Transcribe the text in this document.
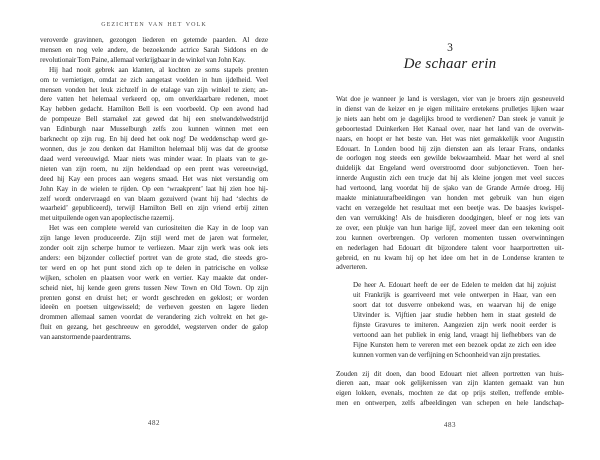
GEZICHTEN VAN HET VOLK
veroverde gravinnen, gezongen liederen en getemde paarden. Al deze
mensen en nog vele andere, de bezoekende actrice Sarah Siddons en de
revolutionair Tom Paine, allemaal verkrijgbaar in de winkel van John Kay.
Hij had nooit gebrek aan klanten, al kochten ze soms stapels prenten
om te vernietigen, omdat ze zich aangetast voelden in hun ijdelheid. Veel
mensen vonden het leuk zichzelf in de etalage van zijn winkel te zien; an-
dere vatten het helemaal verkeerd op, om onverklaarbare redenen, moet
Kay hebben gedacht. Hamilton Bell is een voorbeeld. Op een avond had
de pompeuze Bell starnakel zat gewed dat hij een snelwandelwedstrijd
van Edinburgh naar Musselburgh zelfs zou kunnen winnen met een
barknecht op zijn rug. En hij deed het ook nog! De weddenschap werd ge-
wonnen, dus je zou denken dat Hamilton helemaal blij was dat de grootse
daad werd vereeuwigd. Maar niets was minder waar. In plaats van te ge-
nieten van zijn roem, nu zijn heldendaad op een prent was vereeuwigd,
deed hij Kay een proces aan wegens smaad. Het was niet verstandig om
John Kay in de wielen te rijden. Op een ‘wraakprent’ laat hij zien hoe hij-
zelf wordt ondervraagd en van blaam gezuiverd (want hij had ‘slechts de
waarheid’ gepubliceerd), terwijl Hamilton Bell en zijn vriend erbij zitten
met uitpuilende ogen van apoplectische razernij.
Het was een complete wereld van curiositeiten die Kay in de loop van
zijn lange leven produceerde. Zijn stijl werd met de jaren wat formeler,
zonder ooit zijn scherpe humor te verliezen. Maar zijn werk was ook iets
anders: een bijzonder collectief portret van de grote stad, die steeds gro-
ter werd en op het punt stond zich op te delen in patricische en volkse
wijken, scholen en plaatsen voor werk en vertier. Kay maakte dat onder-
scheid niet, hij kende geen grens tussen New Town en Old Town. Op zijn
prenten gonst en druist het; er wordt geschreden en geklost; er worden
ideeën en poetsen uitgewisseld; de verheven geesten en lagere lieden
drommen allemaal samen voordat de verandering zich voltrekt en het ge-
fluit en gezang, het geschreeuw en geroddel, wegsterven onder de galop
van aanstormende paardentrams.
3
De schaar erin
Wat doe je wanneer je land is verslagen, vier van je broers zijn gesneuveld
in dienst van de keizer en je eigen militaire eretekens prulletjes lijken waar
je niets aan hebt om je dagelijks brood te verdienen? Dan steek je vanuit je
geboortestad Duinkerken Het Kanaal over, naar het land van de overwin-
naars, en hoopt er het beste van. Het was niet gemakkelijk voor Augustin
Edouart. In Londen bood hij zijn diensten aan als leraar Frans, ondanks
de oorlogen nog steeds een gewilde bekwaamheid. Maar het werd al snel
duidelijk dat Engeland werd overstroomd door subjonctieven. Toen her-
innerde Augustin zich een trucje dat hij als kleine jongen met veel succes
had vertoond, lang voordat hij de sjako van de Grande Armée droeg. Hij
maakte miniatuurafbeeldingen van honden met gebruik van hun eigen
vacht en verzegelde het resultaat met een beetje was. De baasjes kwispel-
den van verrukking! Als de huisdieren doodgingen, bleef er nog iets van
ze over, een plukje van hun harige lijf, zoveel meer dan een tekening ooit
zou kunnen overbrengen. Op verloren momenten tussen overwinningen
en nederlagen had Edouart dit bijzondere talent voor haarportretten uit-
gebreid, en nu kwam hij op het idee om het in de Londense kranten te
adverteren.
De heer A. Edouart heeft de eer de Edelen te melden dat hij zojuist
uit Frankrijk is gearriveerd met vele ontwerpen in Haar, van een
soort dat tot dusverre onbekend was, en waarvan hij de enige
Uitvinder is. Vijftien jaar studie hebben hem in staat gesteld de
fijnste Gravures te imiteren. Aangezien zijn werk nooit eerder is
vertoond aan het publiek in enig land, vraagt hij liefhebbers van de
Fijne Kunsten hem te vereren met een bezoek opdat ze zich een idee
kunnen vormen van de verfijning en Schoonheid van zijn prestaties.
Zouden zij dit doen, dan bood Edouart niet alleen portretten van huis-
dieren aan, maar ook gelijkenissen van zijn klanten gemaakt van hun
eigen lokken, evenals, mochten ze dat op prijs stellen, treffende emble-
men en ontwerpen, zelfs afbeeldingen van schepen en hele landschap-
482	483
